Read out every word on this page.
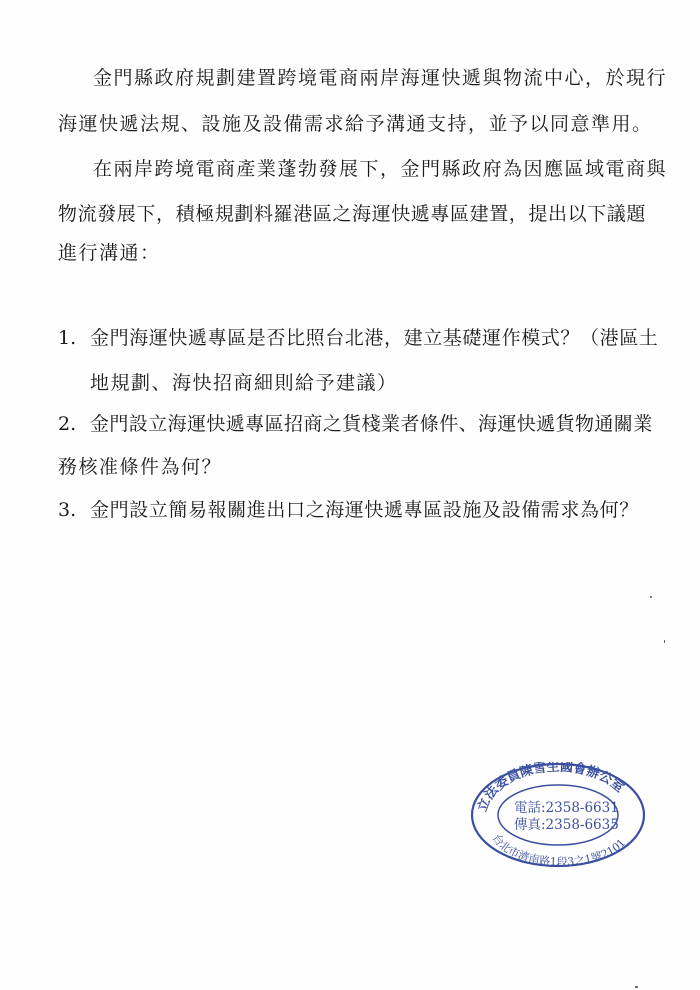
金門縣政府規劃建置跨境電商兩岸海運快遞與物流中心，於現行
海運快遞法規、設施及設備需求給予溝通支持，並予以同意準用。
在兩岸跨境電商產業蓬勃發展下，金門縣政府為因應區域電商與
物流發展下，積極規劃料羅港區之海運快遞專區建置，提出以下議題
進行溝通：
1. 金門海運快遞專區是否比照台北港，建立基礎運作模式？（港區土
地規劃、海快招商細則給予建議）
2. 金門設立海運快遞專區招商之貨棧業者條件、海運快遞貨物通關業
務核准條件為何？
3. 金門設立簡易報關進出口之海運快遞專區設施及設備需求為何？
立法委員陳雪生國會辦公室
台北市濟南路1段3之1號2101
電話:2358-6631
傳真:2358-6635
